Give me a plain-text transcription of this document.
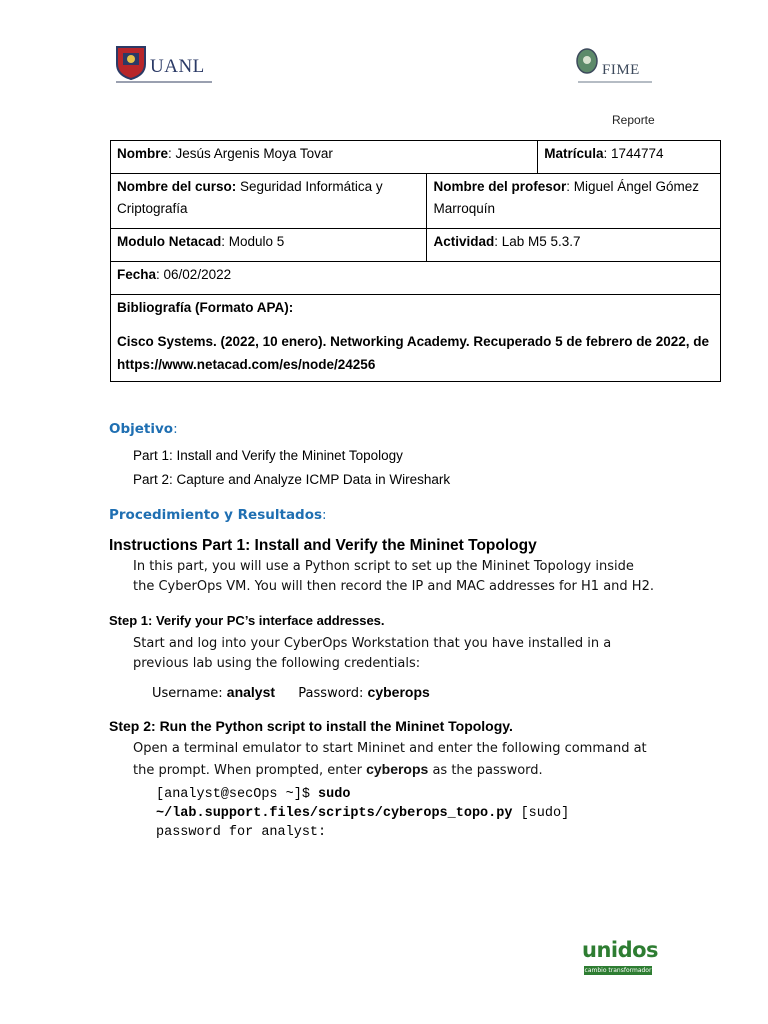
UANL	FIME
Reporte
Nombre: Jesús Argenis Moya Tovar		Matrícula: 1744774
Nombre del curso: Seguridad Informática y Criptografía	Nombre del profesor: Miguel Ángel Gómez Marroquín	
Modulo Netacad: Modulo 5	Actividad: Lab M5 5.3.7	
Fecha: 06/02/2022		

Bibliografía (Formato APA):
Cisco Systems. (2022, 10 enero). Networking Academy. Recuperado 5 de febrero de 2022, de https://www.netacad.com/es/node/24256		
Objetivo:
Part 1: Install and Verify the Mininet Topology
Part 2: Capture and Analyze ICMP Data in Wireshark
Procedimiento y Resultados:
Instructions Part 1: Install and Verify the Mininet Topology
In this part, you will use a Python script to set up the Mininet Topology inside the CyberOps VM. You will then record the IP and MAC addresses for H1 and H2.
Step 1: Verify your PC’s interface addresses.
Start and log into your CyberOps Workstation that you have installed in a previous lab using the following credentials:
Username: analyst Password: cyberops
Step 2: Run the Python script to install the Mininet Topology.
Open a terminal emulator to start Mininet and enter the following command at the prompt. When prompted, enter cyberops as the password.
[analyst@secOps ~]$ sudo
~/lab.support.files/scripts/cyberops_topo.py [sudo]
password for analyst:
unidos
cambio transformador
